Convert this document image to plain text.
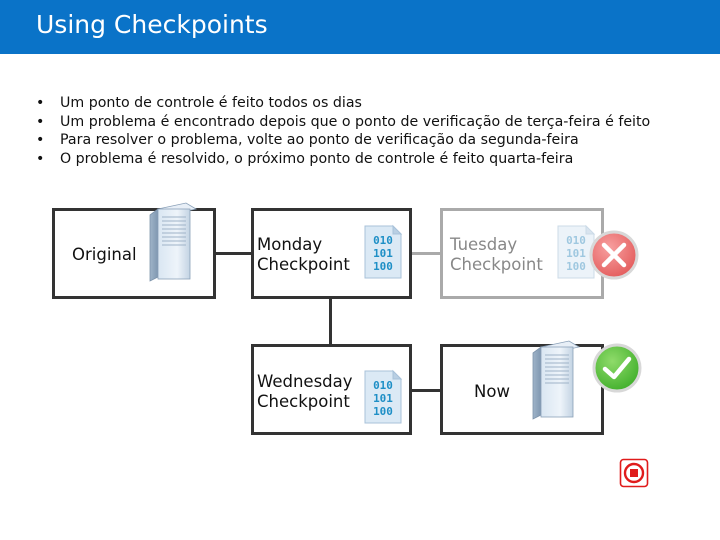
Using Checkpoints
• Um ponto de controle é feito todos os dias
• Um problema é encontrado depois que o ponto de verificação de terça-feira é feito
• Para resolver o problema, volte ao ponto de verificação da segunda-feira
• O problema é resolvido, o próximo ponto de controle é feito quarta-feira
Original
Monday
Checkpoint
010
101
100
Tuesday
Checkpoint
010
101
100
Wednesday
Checkpoint
010
101
100
Now
